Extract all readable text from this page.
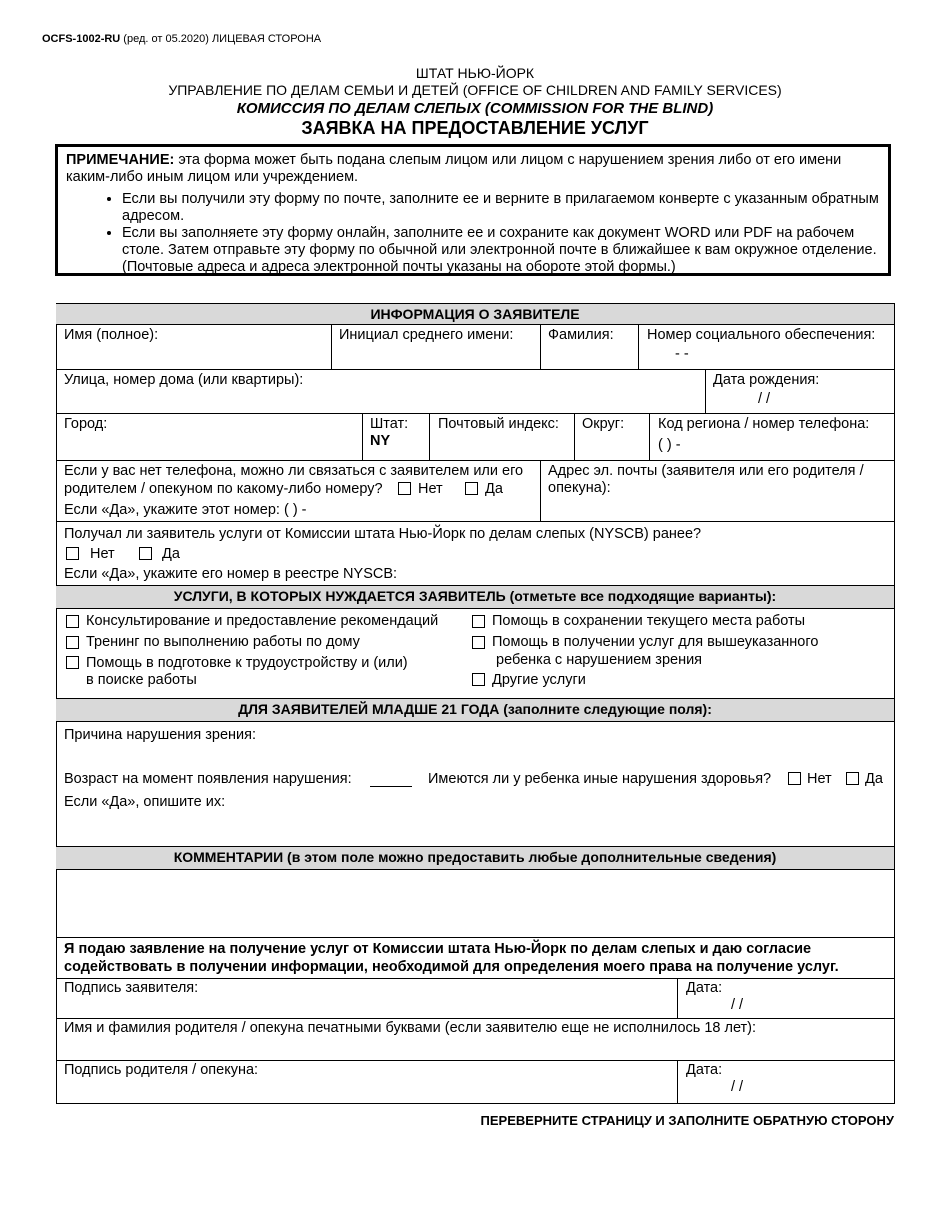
OCFS-1002-RU (ред. от 05.2020) ЛИЦЕВАЯ СТОРОНА
ШТАТ НЬЮ-ЙОРК
УПРАВЛЕНИЕ ПО ДЕЛАМ СЕМЬИ И ДЕТЕЙ (OFFICE OF CHILDREN AND FAMILY SERVICES)
КОМИССИЯ ПО ДЕЛАМ СЛЕПЫХ (COMMISSION FOR THE BLIND)
ЗАЯВКА НА ПРЕДОСТАВЛЕНИЕ УСЛУГ
ПРИМЕЧАНИЕ: эта форма может быть подана слепым лицом или лицом с нарушением зрения либо от его имени каким-либо иным лицом или учреждением.
• Если вы получили эту форму по почте, заполните ее и верните в прилагаемом конверте с указанным обратным адресом.
• Если вы заполняете эту форму онлайн, заполните ее и сохраните как документ WORD или PDF на рабочем столе. Затем отправьте эту форму по обычной или электронной почте в ближайшее к вам окружное отделение. (Почтовые адреса и адреса электронной почты указаны на обороте этой формы.)
ИНФОРМАЦИЯ О ЗАЯВИТЕЛЕ
Имя (полное):	Инициал среднего имени: Фамилия: Номер социального обеспечения:
- -
Улица, номер дома (или квартиры):	Дата рождения:
/ /
Город:	Штат:
NY
Почтовый индекс: Округ: Код региона / номер телефона:
( ) -
Если у вас нет телефона, можно ли связаться с заявителем или его
родителем / опекуном по какому-либо номеру? Нет	Да
Если «Да», укажите этот номер: ( ) -
Адрес эл. почты (заявителя или его родителя / опекуна):
Получал ли заявитель услуги от Комиссии штата Нью-Йорк по делам слепых (NYSCB) ранее?
Нет	Да
Если «Да», укажите его номер в реестре NYSCB:
УСЛУГИ, В КОТОРЫХ НУЖДАЕТСЯ ЗАЯВИТЕЛЬ (отметьте все подходящие варианты):
Консультирование и предоставление рекомендаций
Тренинг по выполнению работы по дому
Помощь в подготовке к трудоустройству и (или)
в поиске работы
Помощь в сохранении текущего места работы
Помощь в получении услуг для вышеуказанного
ребенка с нарушением зрения
Другие услуги
ДЛЯ ЗАЯВИТЕЛЕЙ МЛАДШЕ 21 ГОДА (заполните следующие поля):
Причина нарушения зрения:
Возраст на момент появления нарушения:	Имеются ли у ребенка иные нарушения здоровья? Нет Да
Если «Да», опишите их:
КОММЕНТАРИИ (в этом поле можно предоставить любые дополнительные сведения)
Я подаю заявление на получение услуг от Комиссии штата Нью-Йорк по делам слепых и даю согласие
содействовать в получении информации, необходимой для определения моего права на получение услуг.
Подпись заявителя:	Дата:
/ /
Имя и фамилия родителя / опекуна печатными буквами (если заявителю еще не исполнилось 18 лет):
Подпись родителя / опекуна:	Дата:
/ /
ПЕРЕВЕРНИТЕ СТРАНИЦУ И ЗАПОЛНИТЕ ОБРАТНУЮ СТОРОНУ
